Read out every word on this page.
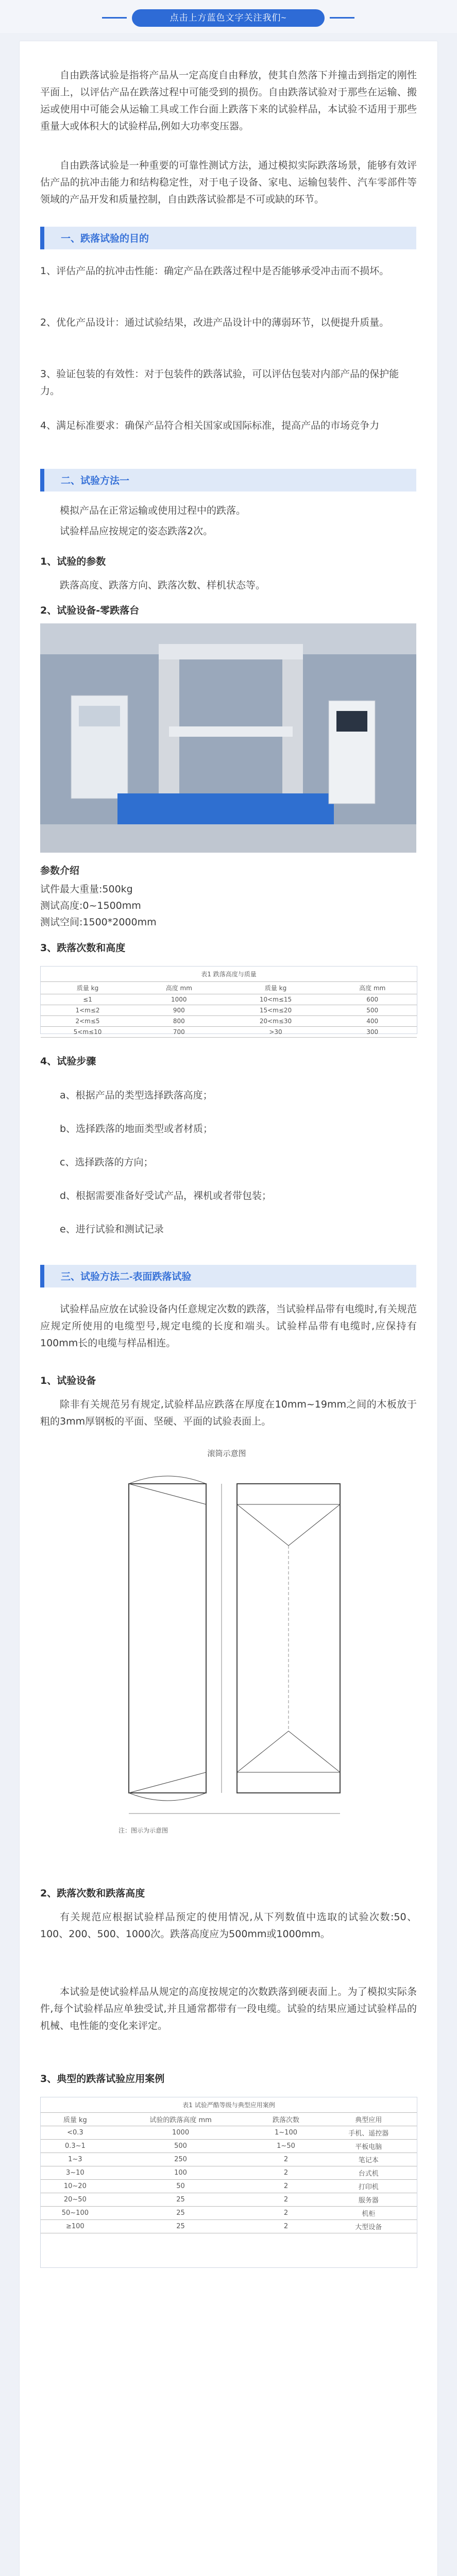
点击上方蓝色文字关注我们~
自由跌落试验是指将产品从一定高度自由释放，使其自然落下并撞击到指定的刚性平面上，以评估产品在跌落过程中可能受到的损伤。自由跌落试验对于那些在运输、搬运或使用中可能会从运输工具或工作台面上跌落下来的试验样品，本试验不适用于那些重量大或体积大的试验样品,例如大功率变压器。
自由跌落试验是一种重要的可靠性测试方法，通过模拟实际跌落场景，能够有效评估产品的抗冲击能力和结构稳定性，对于电子设备、家电、运输包装件、汽车零部件等领域的产品开发和质量控制，自由跌落试验都是不可或缺的环节。
一、跌落试验的目的
1、评估产品的抗冲击性能：确定产品在跌落过程中是否能够承受冲击而不损坏。
2、优化产品设计：通过试验结果，改进产品设计中的薄弱环节，以便提升质量。
3、验证包装的有效性：对于包装件的跌落试验，可以评估包装对内部产品的保护能力。
4、满足标准要求：确保产品符合相关国家或国际标准，提高产品的市场竞争力
二、试验方法一
模拟产品在正常运输或使用过程中的跌落。
试验样品应按规定的姿态跌落2次。
1、试验的参数
跌落高度、跌落方向、跌落次数、样机状态等。
2、试验设备-零跌落台
参数介绍
试件最大重量:500kg
测试高度:0~1500mm
测试空间:1500*2000mm
3、跌落次数和高度
表1 跌落高度与质量
质量 kg	高度 mm	质量 kg	高度 mm
≤1	1000	10<m≤15	600
1<m≤2	900	15<m≤20	500
2<m≤5	800	20<m≤30	400
5<m≤10	700	>30	300
4、试验步骤
a、根据产品的类型选择跌落高度；
b、选择跌落的地面类型或者材质；
c、选择跌落的方向；
d、根据需要准备好受试产品，裸机或者带包装；
e、进行试验和测试记录
三、试验方法二-表面跌落试验
试验样品应放在试验设备内任意规定次数的跌落，当试验样品带有电缆时,有关规范应规定所使用的电缆型号,规定电缆的长度和端头。试验样品带有电缆时,应保持有100mm长的电缆与样品相连。
1、试验设备
除非有关规范另有规定,试验样品应跌落在厚度在10mm~19mm之间的木板放于粗的3mm厚钢板的平面、坚硬、平面的试验表面上。
滚筒示意图
注：图示为示意图
2、跌落次数和跌落高度
有关规范应根据试验样品预定的使用情况,从下列数值中选取的试验次数:50、100、200、500、1000次。跌落高度应为500mm或1000mm。
本试验是使试验样品从规定的高度按规定的次数跌落到硬表面上。为了模拟实际条件,每个试验样品应单独受试,并且通常都带有一段电缆。试验的结果应通过试验样品的机械、电性能的变化来评定。
3、典型的跌落试验应用案例
表1 试验严酷等级与典型应用案例
质量 kg	试验的跌落高度 mm	跌落次数	典型应用
<0.3	1000	1~100	手机、遥控器
0.3~1	500	1~50	平板电脑
1~3	250	2	笔记本
3~10	100	2	台式机
10~20	50	2	打印机
20~50	25	2	服务器
50~100	25	2	机柜
≥100	25	2	大型设备
